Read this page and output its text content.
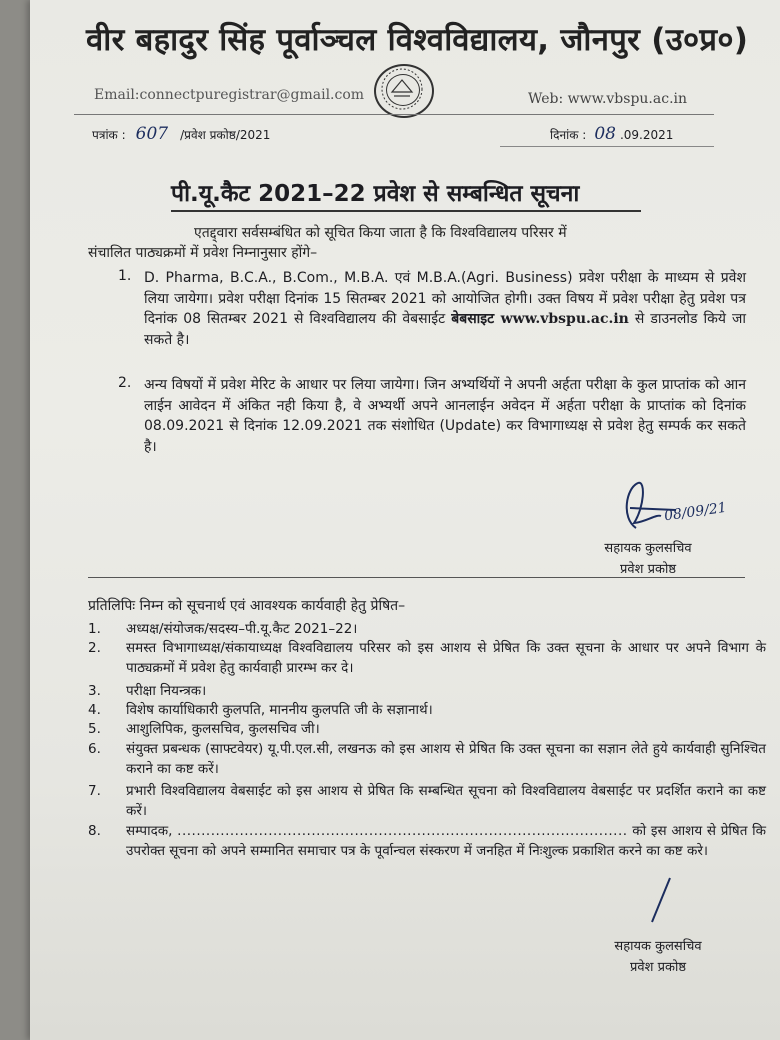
वीर बहादुर सिंह पूर्वाञ्चल विश्वविद्यालय, जौनपुर (उ०प्र०)
Email:connectpuregistrar@gmail.com	Web: www.vbspu.ac.in
पत्रांक : 607 /प्रवेश प्रकोष्ठ/2021	दिनांक : 08 .09.2021
पी.यू.कैट 2021–22 प्रवेश से सम्बन्धित सूचना
एतद्द्वारा सर्वसम्बंधित को सूचित किया जाता है कि विश्वविद्यालय परिसर में
संचालित पाठ्यक्रमों में प्रवेश निम्नानुसार होंगे–
1. D. Pharma, B.C.A., B.Com., M.B.A. एवं M.B.A.(Agri. Business) प्रवेश परीक्षा के माध्यम से प्रवेश लिया जायेगा। प्रवेश परीक्षा दिनांक 15 सितम्बर 2021 को आयोजित होगी। उक्त विषय में प्रवेश परीक्षा हेतु प्रवेश पत्र दिनांक 08 सितम्बर 2021 से विश्वविद्यालय की वेबसाईट बेबसाइट www.vbspu.ac.in से डाउनलोड किये जा सकते है।
2. अन्य विषयों में प्रवेश मेरिट के आधार पर लिया जायेगा। जिन अभ्यर्थियों ने अपनी अर्हता परीक्षा के कुल प्राप्तांक को आन लाईन आवेदन में अंकित नही किया है, वे अभ्यर्थी अपने आनलाईन अवेदन में अर्हता परीक्षा के प्राप्तांक को दिनांक 08.09.2021 से दिनांक 12.09.2021 तक संशोधित (Update) कर विभागाध्यक्ष से प्रवेश हेतु सम्पर्क कर सकते है।
08/09/21
सहायक कुलसचिव
प्रवेश प्रकोष्ठ
प्रतिलिपिः निम्न को सूचनार्थ एवं आवश्यक कार्यवाही हेतु प्रेषित–
1. अध्यक्ष/संयोजक/सदस्य–पी.यू.कैट 2021–22।
2. समस्त विभागाध्यक्ष/संकायाध्यक्ष विश्वविद्यालय परिसर को इस आशय से प्रेषित कि उक्त सूचना के आधार पर अपने विभाग के पाठ्यक्रमों में प्रवेश हेतु कार्यवाही प्रारम्भ कर दे।
3. परीक्षा नियन्त्रक।
4. विशेष कार्याधिकारी कुलपति, माननीय कुलपति जी के सज्ञानार्थ।
5. आशुलिपिक, कुलसचिव, कुलसचिव जी।
6. संयुक्त प्रबन्धक (साफ्टवेयर) यू.पी.एल.सी, लखनऊ को इस आशय से प्रेषित कि उक्त सूचना का सज्ञान लेते हुये कार्यवाही सुनिश्चित कराने का कष्ट करें।
7. प्रभारी विश्वविद्यालय वेबसाईट को इस आशय से प्रेषित कि सम्बन्धित सूचना को विश्वविद्यालय वेबसाईट पर प्रदर्शित कराने का कष्ट करें।
8. सम्पादक, .............................................................................................. को इस आशय से प्रेषित कि उपरोक्त सूचना को अपने सम्मानित समाचार पत्र के पूर्वान्चल संस्करण में जनहित में निःशुल्क प्रकाशित करने का कष्ट करे।
सहायक कुलसचिव
प्रवेश प्रकोष्ठ
